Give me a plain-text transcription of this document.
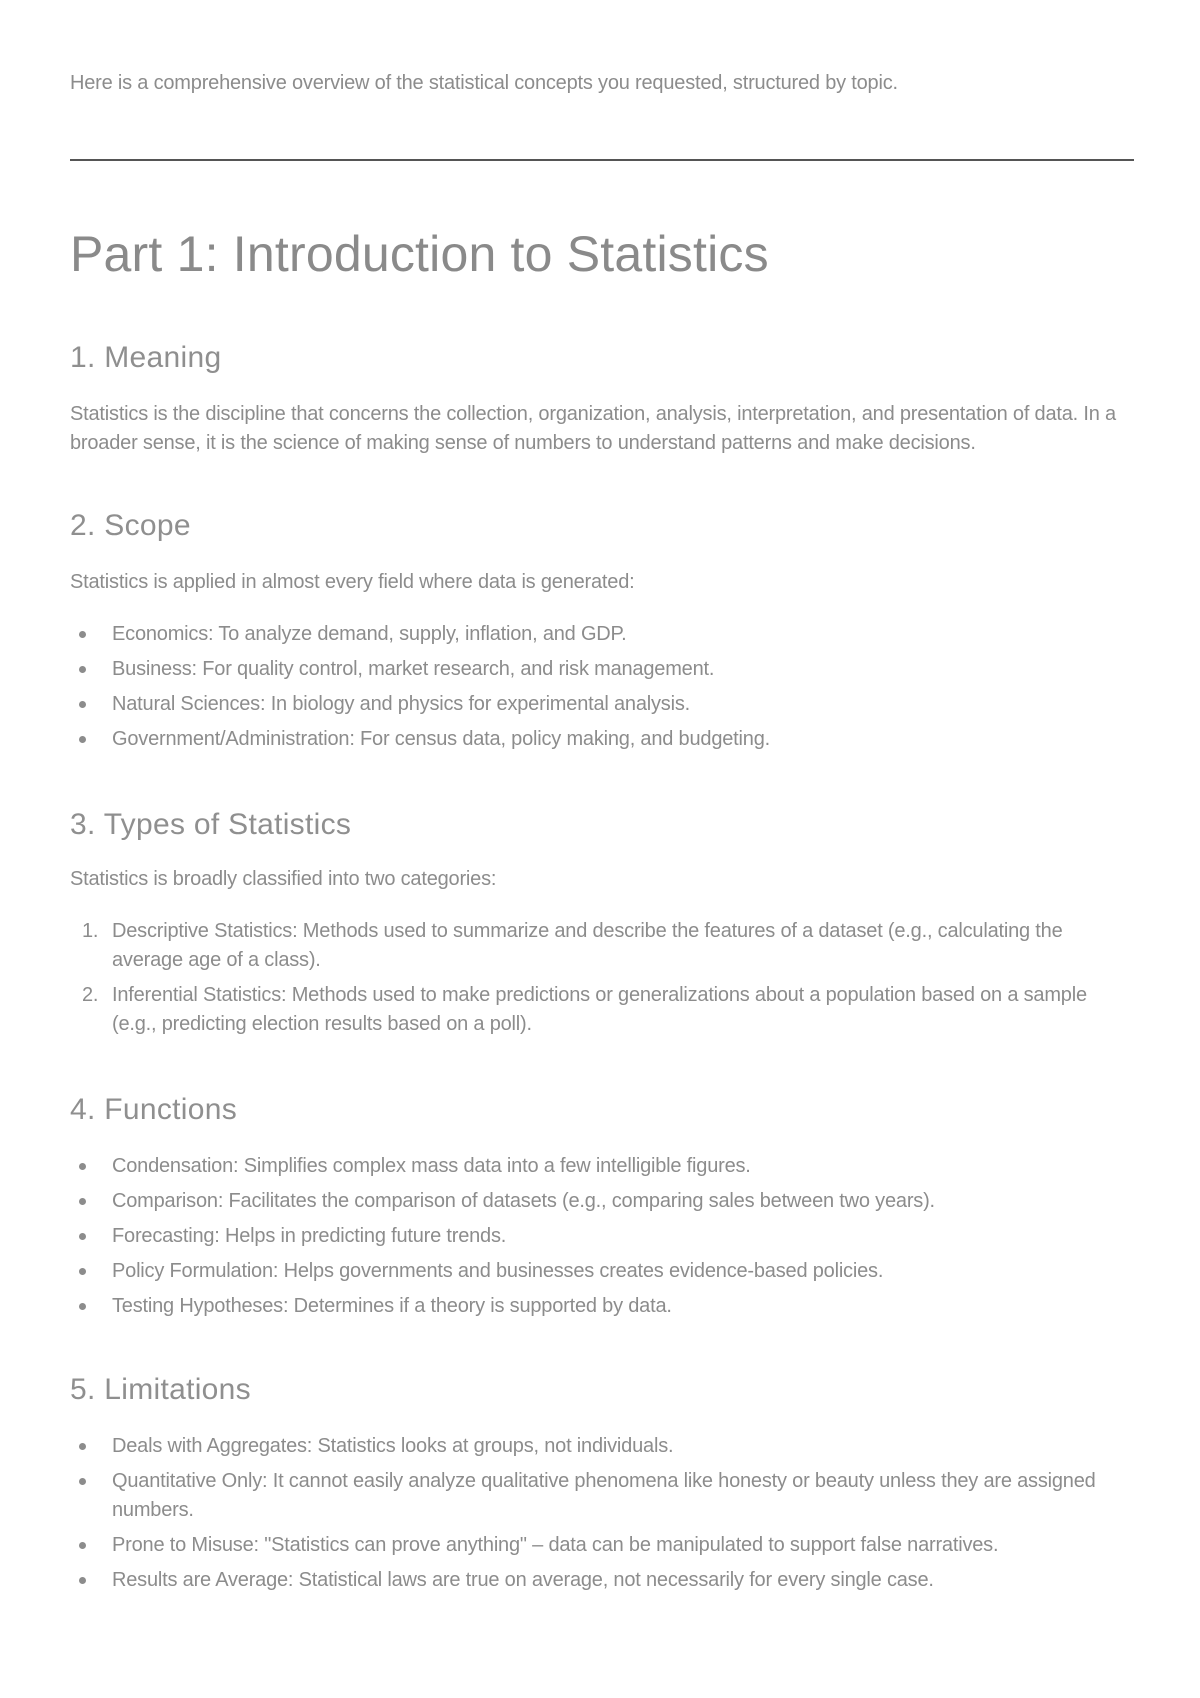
Here is a comprehensive overview of the statistical concepts you requested, structured by topic.

Part 1: Introduction to Statistics
1. Meaning

Statistics is the discipline that concerns the collection, organization, analysis, interpretation, and presentation of data. In a broader sense, it is the science of making sense of numbers to understand patterns and make decisions.

2. Scope

Statistics is applied in almost every field where data is generated:

Economics: To analyze demand, supply, inflation, and GDP.
Business: For quality control, market research, and risk management.
Natural Sciences: In biology and physics for experimental analysis.
Government/Administration: For census data, policy making, and budgeting.
3. Types of Statistics

Statistics is broadly classified into two categories:

1. Descriptive Statistics: Methods used to summarize and describe the features of a dataset (e.g., calculating the average age of a class).
2. Inferential Statistics: Methods used to make predictions or generalizations about a population based on a sample (e.g., predicting election results based on a poll).
4. Functions
Condensation: Simplifies complex mass data into a few intelligible figures.
Comparison: Facilitates the comparison of datasets (e.g., comparing sales between two years).
Forecasting: Helps in predicting future trends.
Policy Formulation: Helps governments and businesses creates evidence-based policies.
Testing Hypotheses: Determines if a theory is supported by data.
5. Limitations
Deals with Aggregates: Statistics looks at groups, not individuals.
Quantitative Only: It cannot easily analyze qualitative phenomena like honesty or beauty unless they are assigned numbers.
Prone to Misuse: "Statistics can prove anything" – data can be manipulated to support false narratives.
Results are Average: Statistical laws are true on average, not necessarily for every single case.
